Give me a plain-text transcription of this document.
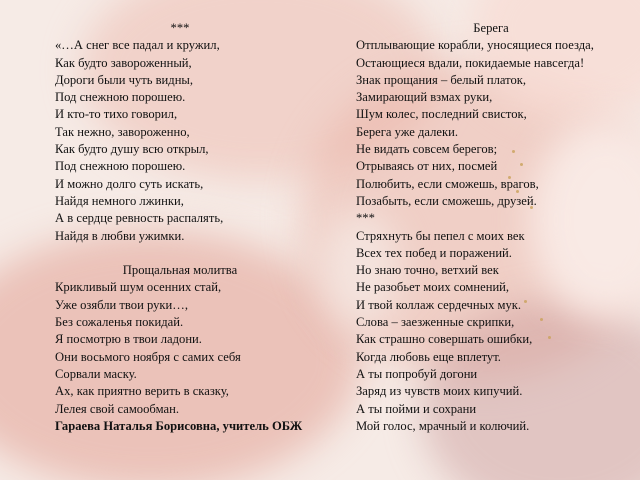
***
«…А снег все падал и кружил,
Как будто завороженный,
Дороги были чуть видны,
Под снежною порошею.
И кто-то тихо говорил,
Так нежно, завороженно,
Как будто душу всю открыл,
Под снежною порошею.
И можно долго суть искать,
Найдя немного лжинки,
А в сердце ревность распалять,
Найдя в любви ужимки.
Прощальная молитва
Крикливый шум осенних стай,
Уже озябли твои руки…,
Без сожаленья покидай.
Я посмотрю в твои ладони.
Они восьмого ноября с самих себя
Сорвали маску.
Ах, как приятно верить в сказку,
Лелея свой самообман.
Гараева Наталья Борисовна, учитель ОБЖ
Берега
Отплывающие корабли, уносящиеся поезда,
Остающиеся вдали, покидаемые навсегда!
Знак прощания – белый платок,
Замирающий взмах руки,
Шум колес, последний свисток,
Берега уже далеки.
Не видать совсем берегов;
Отрываясь от них, посмей
Полюбить, если сможешь, врагов,
Позабыть, если сможешь, друзей.
***
Стряхнуть бы пепел с моих век
Всех тех побед и поражений.
Но знаю точно, ветхий век
Не разобьет моих сомнений,
И твой коллаж сердечных мук.
Слова – заезженные скрипки,
Как страшно совершать ошибки,
Когда любовь еще вплетут.
А ты попробуй догони
Заряд из чувств моих кипучий.
А ты пойми и сохрани
Мой голос, мрачный и колючий.
